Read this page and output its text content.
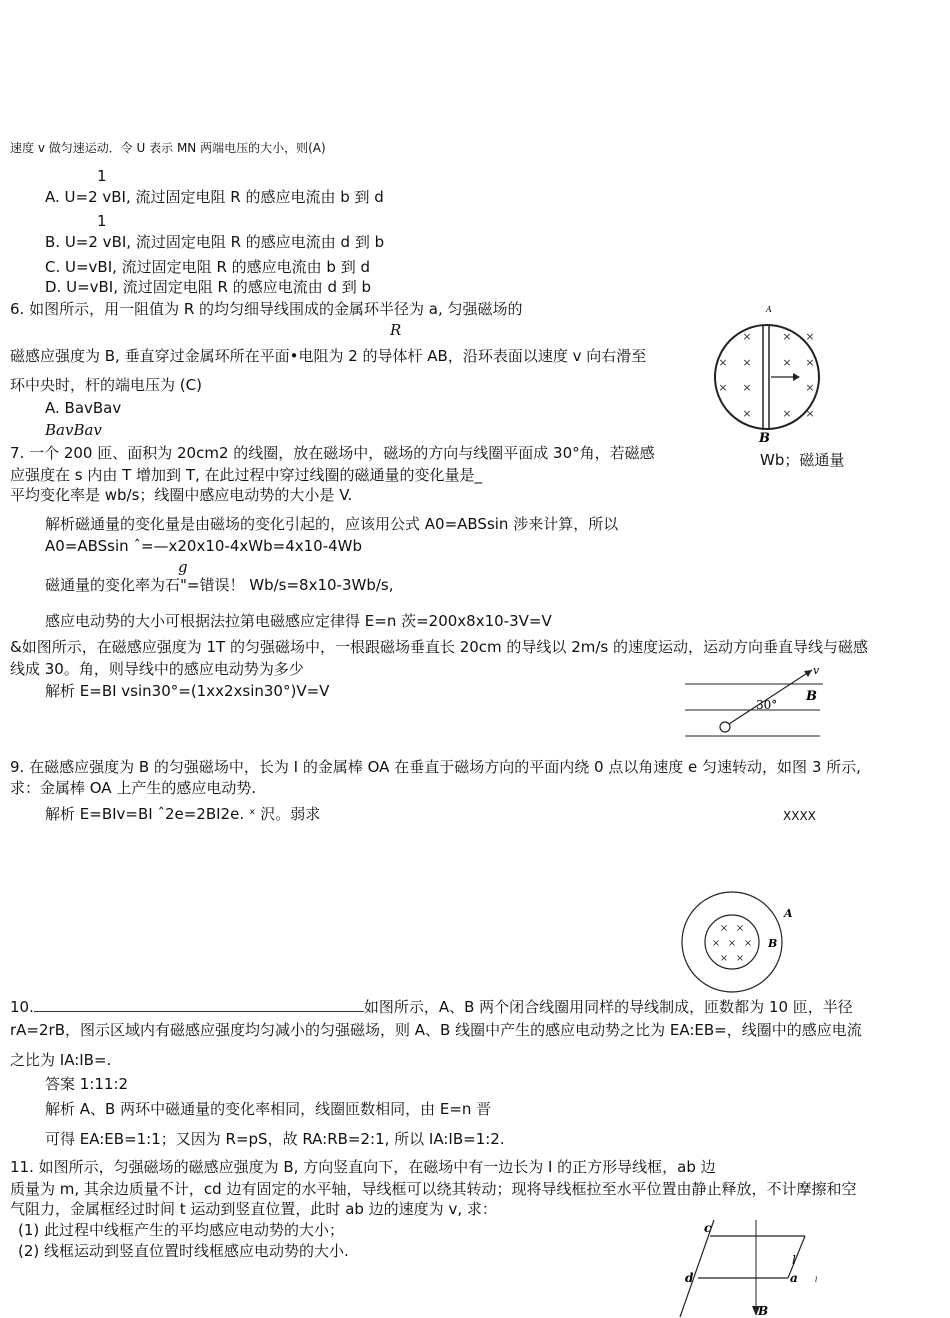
速度 v 做匀速运动．令 U 表示 MN 两端电压的大小，则(A)
1
A. U=2 vBI, 流过固定电阻 R 的感应电流由 b 到 d
1
B. U=2 vBI, 流过固定电阻 R 的感应电流由 d 到 b
C. U=vBI, 流过固定电阻 R 的感应电流由 b 到 d
D. U=vBI, 流过固定电阻 R 的感应电流由 d 到 b
6. 如图所示，用一阻值为 R 的均匀细导线围成的金属环半径为 a, 匀强磁场的
R
磁感应强度为 B, 垂直穿过金属环所在平面•电阻为 2 的导体杆 AB，沿环表面以速度 v 向右滑至
环中央时，杆的端电压为 (C)
A. BavBav
BavBav
×	× ×
× ×	× ×
× ×	×
×	× ×
A
B
7. 一个 200 匝、面积为 20cm2 的线圈，放在磁场中，磁场的方向与线圈平面成 30°角，若磁感	Wb；磁通量
应强度在 s 内由 T 增加到 T, 在此过程中穿过线圈的磁通量的变化量是_
平均变化率是 wb/s；线圈中感应电动势的大小是 V.
解析磁通量的变化量是由磁场的变化引起的，应该用公式 A0=ABSsin 涉来计算，所以
A0=ABSsin ˆ=—x20x10-4xWb=4x10-4Wb
g
磁通量的变化率为石"=错误！ Wb/s=8x10-3Wb/s,
感应电动势的大小可根据法拉第电磁感应定律得 E=n 茨=200x8x10-3V=V
&如图所示，在磁感应强度为 1T 的匀强磁场中，一根跟磁场垂直长 20cm 的导线以 2m/s 的速度运动，运动方向垂直导线与磁感
线成 30。角，则导线中的感应电动势为多少
解析 E=BI vsin30°=(1xx2xsin30°)V=V
v
B
30°
9. 在磁感应强度为 B 的匀强磁场中，长为 I 的金属棒 OA 在垂直于磁场方向的平面内绕 0 点以角速度 e 匀速转动，如图 3 所示,
求：金属棒 OA 上产生的感应电动势.
解析 E=BIv=BI ˆ2e=2BI2e. ˣ 沢。弱求	XXXX
× ×
× × ×
× ×
A
B
10.	如图所示，A、B 两个闭合线圈用同样的导线制成，匝数都为 10 匝，半径
rA=2rB，图示区域内有磁感应强度均匀减小的匀强磁场，则 A、B 线圈中产生的感应电动势之比为 EA:EB=，线圈中的感应电流
之比为 IA:IB=.
答案 1:11:2
解析 A、B 两环中磁通量的变化率相同，线圈匝数相同，由 E=n 晋
可得 EA:EB=1:1；又因为 R=pS，故 RA:RB=2:1, 所以 IA:IB=1:2.
11. 如图所示，匀强磁场的磁感应强度为 B, 方向竖直向下，在磁场中有一边长为 I 的正方形导线框，ab 边
质量为 m, 其余边质量不计，cd 边有固定的水平轴，导线框可以绕其转动；现将导线框拉至水平位置由静止释放，不计摩擦和空
气阻力，金属框经过时间 t 运动到竖直位置，此时 ab 边的速度为 v, 求：
(1) 此过程中线框产生的平均感应电动势的大小；
(2) 线框运动到竖直位置时线框感应电动势的大小.
c
d	a
l
l
B
